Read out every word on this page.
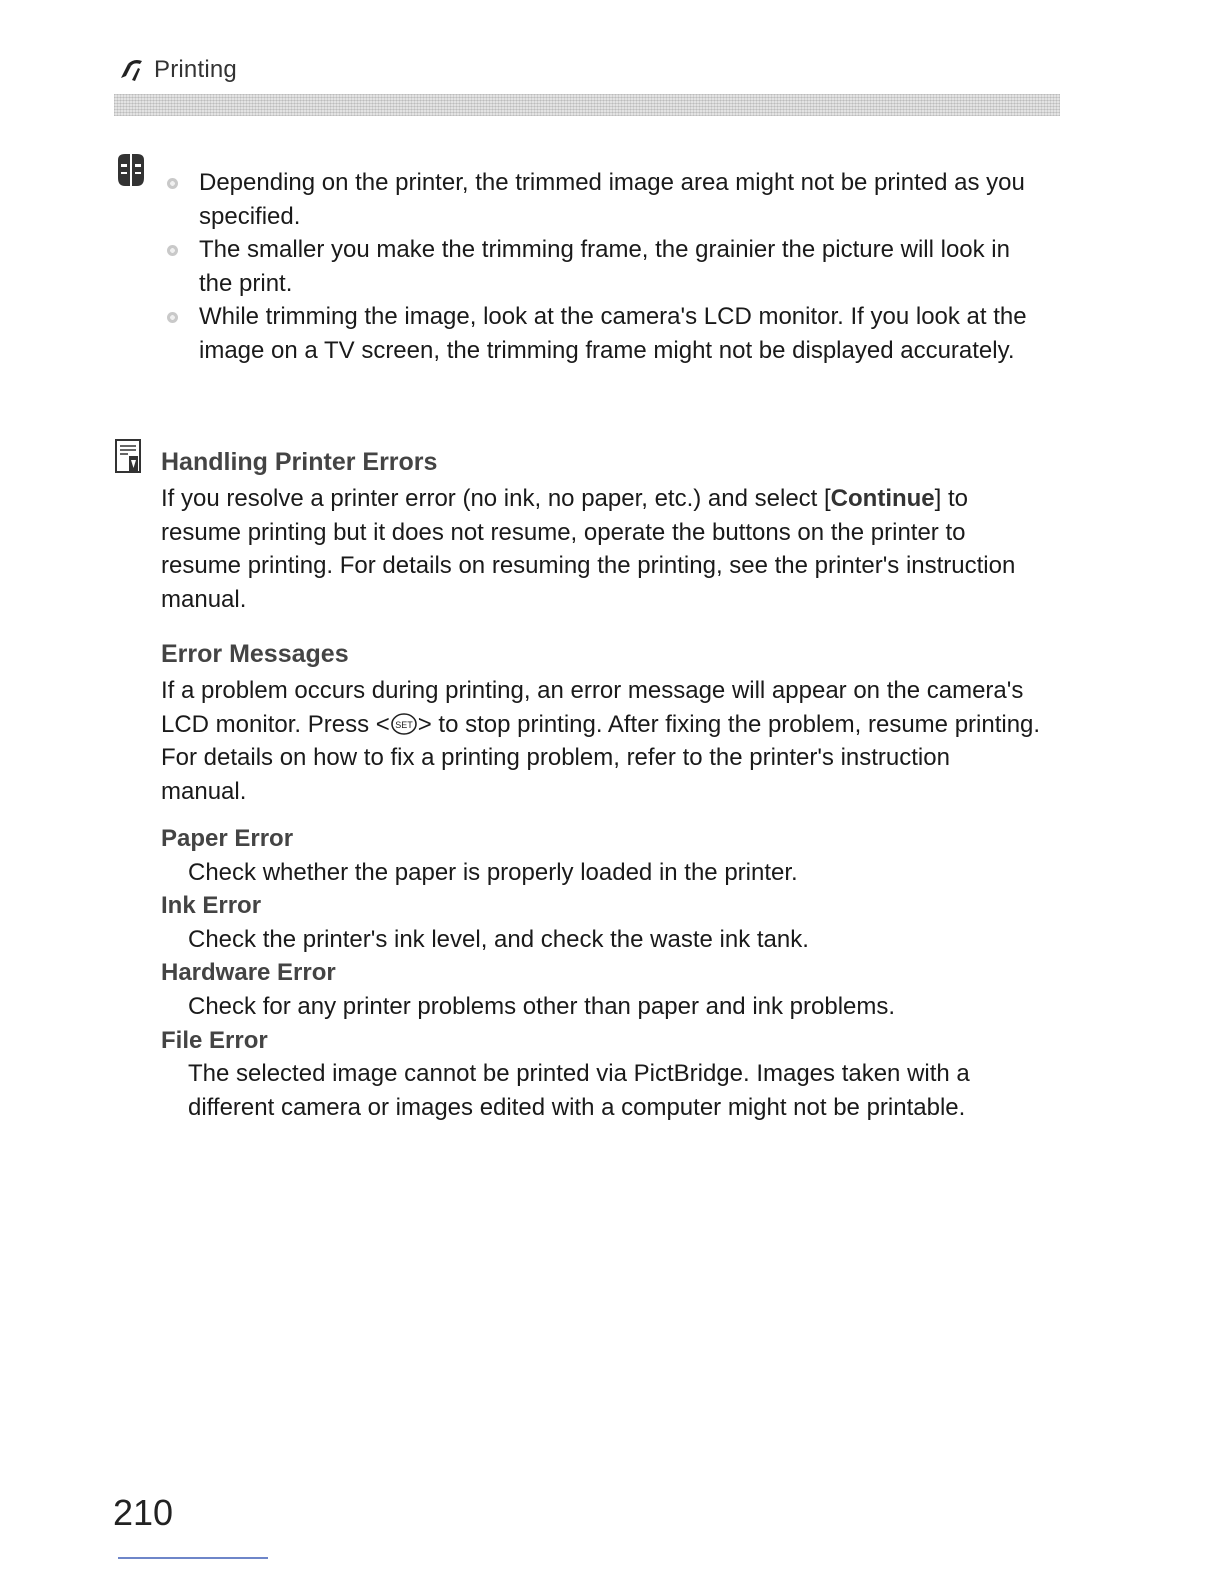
Printing
Depending on the printer, the trimmed image area might not be printed as you specified.
The smaller you make the trimming frame, the grainier the picture will look in the print.
While trimming the image, look at the camera's LCD monitor. If you look at the image on a TV screen, the trimming frame might not be displayed accurately.
Handling Printer Errors

If you resolve a printer error (no ink, no paper, etc.) and select [Continue] to resume printing but it does not resume, operate the buttons on the printer to resume printing. For details on resuming the printing, see the printer's instruction manual.

Error Messages

If a problem occurs during printing, an error message will appear on the camera's LCD monitor. Press < SET > to stop printing. After fixing the problem, resume printing. For details on how to fix a printing problem, refer to the printer's instruction manual.

Paper Error

Check whether the paper is properly loaded in the printer.

Ink Error

Check the printer's ink level, and check the waste ink tank.

Hardware Error

Check for any printer problems other than paper and ink problems.

File Error

The selected image cannot be printed via PictBridge. Images taken with a different camera or images edited with a computer might not be printable.

210
